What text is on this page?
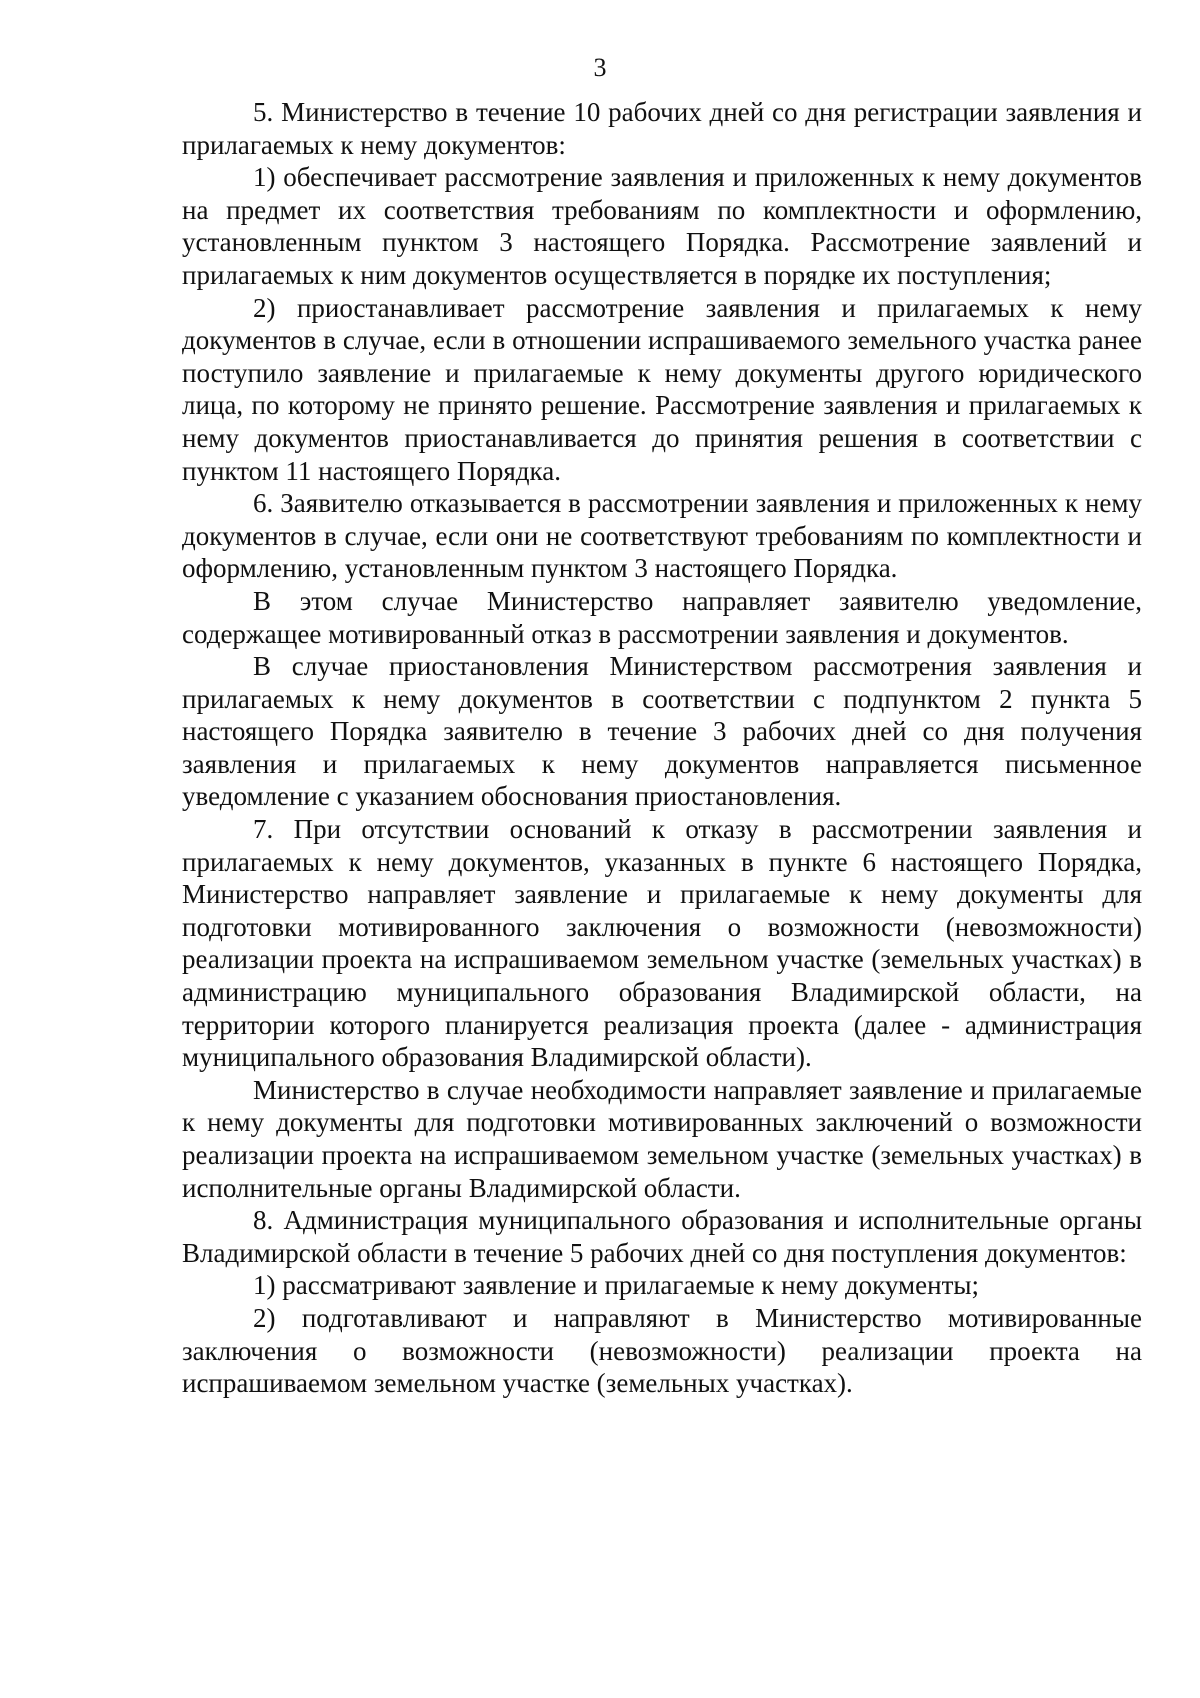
3

5. Министерство в течение 10 рабочих дней со дня регистрации заявления и прилагаемых к нему документов:

1) обеспечивает рассмотрение заявления и приложенных к нему документов на предмет их соответствия требованиям по комплектности и оформлению, установленным пунктом 3 настоящего Порядка. Рассмотрение заявлений и прилагаемых к ним документов осуществляется в порядке их поступления;

2) приостанавливает рассмотрение заявления и прилагаемых к нему документов в случае, если в отношении испрашиваемого земельного участка ранее поступило заявление и прилагаемые к нему документы другого юридического лица, по которому не принято решение. Рассмотрение заявления и прилагаемых к нему документов приостанавливается до принятия решения в соответствии с пунктом 11 настоящего Порядка.

6. Заявителю отказывается в рассмотрении заявления и приложенных к нему документов в случае, если они не соответствуют требованиям по комплектности и оформлению, установленным пунктом 3 настоящего Порядка.

В этом случае Министерство направляет заявителю уведомление, содержащее мотивированный отказ в рассмотрении заявления и документов.

В случае приостановления Министерством рассмотрения заявления и прилагаемых к нему документов в соответствии с подпунктом 2 пункта 5 настоящего Порядка заявителю в течение 3 рабочих дней со дня получения заявления и прилагаемых к нему документов направляется письменное уведомление с указанием обоснования приостановления.

7. При отсутствии оснований к отказу в рассмотрении заявления и прилагаемых к нему документов, указанных в пункте 6 настоящего Порядка, Министерство направляет заявление и прилагаемые к нему документы для подготовки мотивированного заключения о возможности (невозможности) реализации проекта на испрашиваемом земельном участке (земельных участках) в администрацию муниципального образования Владимирской области, на территории которого планируется реализация проекта (далее - администрация муниципального образования Владимирской области).

Министерство в случае необходимости направляет заявление и прилагаемые к нему документы для подготовки мотивированных заключений о возможности реализации проекта на испрашиваемом земельном участке (земельных участках) в исполнительные органы Владимирской области.

8. Администрация муниципального образования и исполнительные органы Владимирской области в течение 5 рабочих дней со дня поступления документов:

1) рассматривают заявление и прилагаемые к нему документы;

2) подготавливают и направляют в Министерство мотивированные заключения о возможности (невозможности) реализации проекта на испрашиваемом земельном участке (земельных участках).
